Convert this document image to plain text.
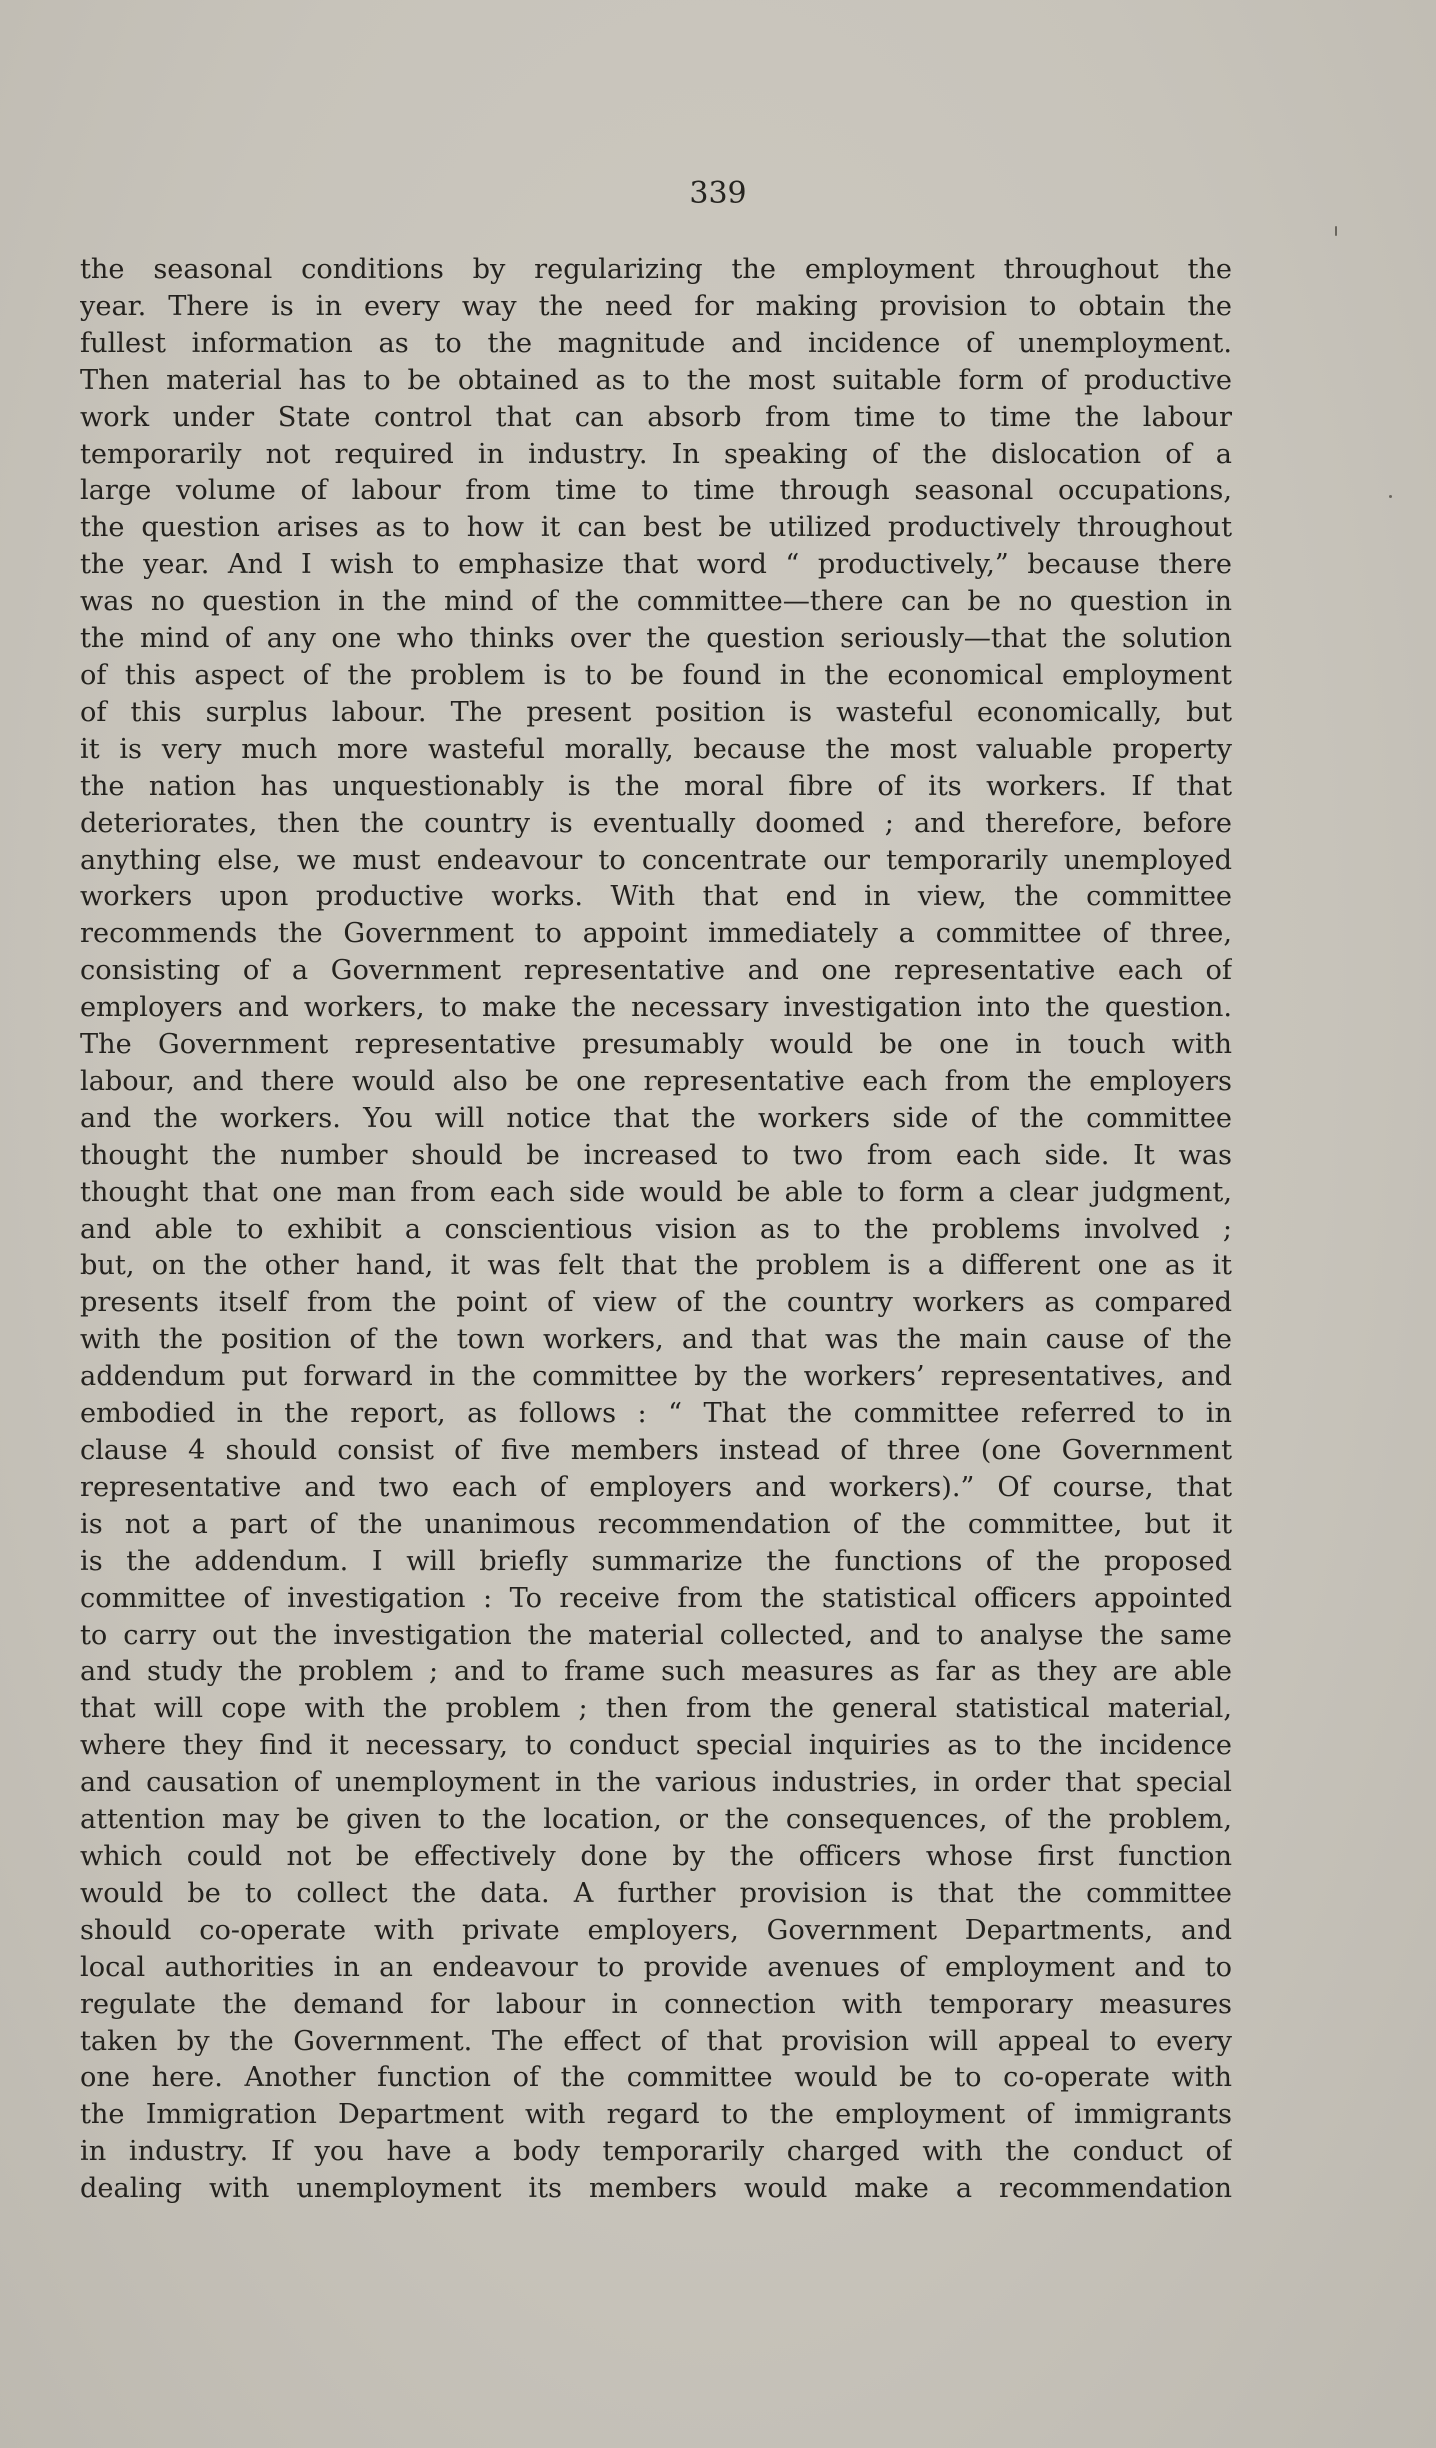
339
the seasonal conditions by regularizing the employment throughout the
year. There is in every way the need for making provision to obtain the
fullest information as to the magnitude and incidence of unemployment.
Then material has to be obtained as to the most suitable form of productive
work under State control that can absorb from time to time the labour
temporarily not required in industry. In speaking of the dislocation of a
large volume of labour from time to time through seasonal occupations,
the question arises as to how it can best be utilized productively throughout
the year. And I wish to emphasize that word “ productively,” because there
was no question in the mind of the committee—there can be no question in
the mind of any one who thinks over the question seriously—that the solution
of this aspect of the problem is to be found in the economical employment
of this surplus labour. The present position is wasteful economically, but
it is very much more wasteful morally, because the most valuable property
the nation has unquestionably is the moral fibre of its workers. If that
deteriorates, then the country is eventually doomed ; and therefore, before
anything else, we must endeavour to concentrate our temporarily unemployed
workers upon productive works. With that end in view, the committee
recommends the Government to appoint immediately a committee of three,
consisting of a Government representative and one representative each of
employers and workers, to make the necessary investigation into the question.
The Government representative presumably would be one in touch with
labour, and there would also be one representative each from the employers
and the workers. You will notice that the workers side of the committee
thought the number should be increased to two from each side. It was
thought that one man from each side would be able to form a clear judgment,
and able to exhibit a conscientious vision as to the problems involved ;
but, on the other hand, it was felt that the problem is a different one as it
presents itself from the point of view of the country workers as compared
with the position of the town workers, and that was the main cause of the
addendum put forward in the committee by the workers’ representatives, and
embodied in the report, as follows : “ That the committee referred to in
clause 4 should consist of five members instead of three (one Government
representative and two each of employers and workers).” Of course, that
is not a part of the unanimous recommendation of the committee, but it
is the addendum. I will briefly summarize the functions of the proposed
committee of investigation : To receive from the statistical officers appointed
to carry out the investigation the material collected, and to analyse the same
and study the problem ; and to frame such measures as far as they are able
that will cope with the problem ; then from the general statistical material,
where they find it necessary, to conduct special inquiries as to the incidence
and causation of unemployment in the various industries, in order that special
attention may be given to the location, or the consequences, of the problem,
which could not be effectively done by the officers whose first function
would be to collect the data. A further provision is that the committee
should co-operate with private employers, Government Departments, and
local authorities in an endeavour to provide avenues of employment and to
regulate the demand for labour in connection with temporary measures
taken by the Government. The effect of that provision will appeal to every
one here. Another function of the committee would be to co-operate with
the Immigration Department with regard to the employment of immigrants
in industry. If you have a body temporarily charged with the conduct of
dealing with unemployment its members would make a recommendation
